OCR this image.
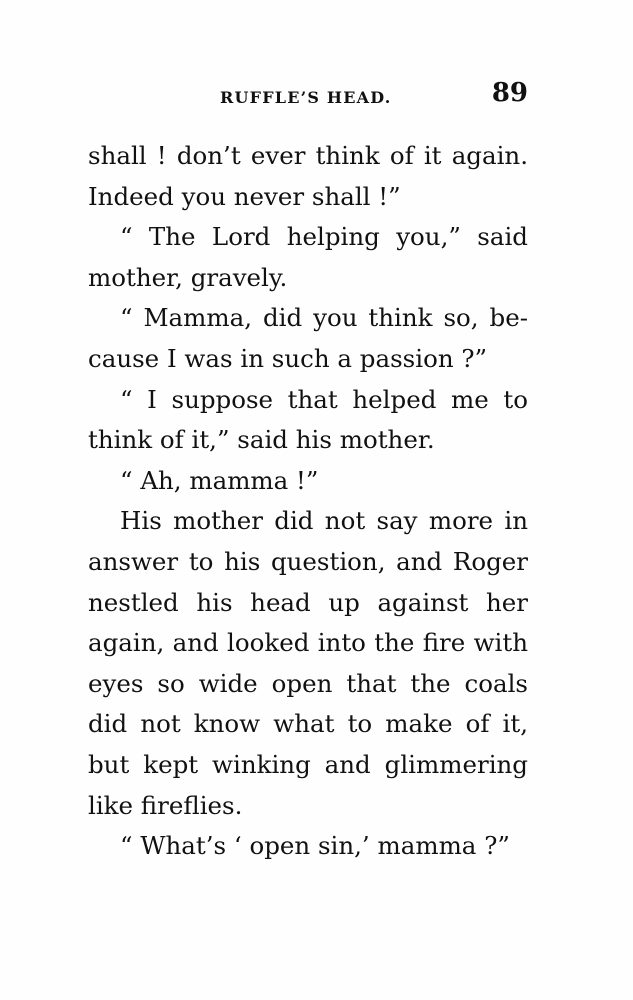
RUFFLE’S HEAD.	89
shall ! don’t ever think of it again.
Indeed you never shall !”
“ The Lord helping you,” said
mother, gravely.
“ Mamma, did you think so, be-
cause I was in such a passion ?”
“ I suppose that helped me to
think of it,” said his mother.
“ Ah, mamma !”
His mother did not say more in
answer to his question, and Roger
nestled his head up against her
again, and looked into the fire with
eyes so wide open that the coals
did not know what to make of it,
but kept winking and glimmering
like fireflies.
“ What’s ‘ open sin,’ mamma ?”
